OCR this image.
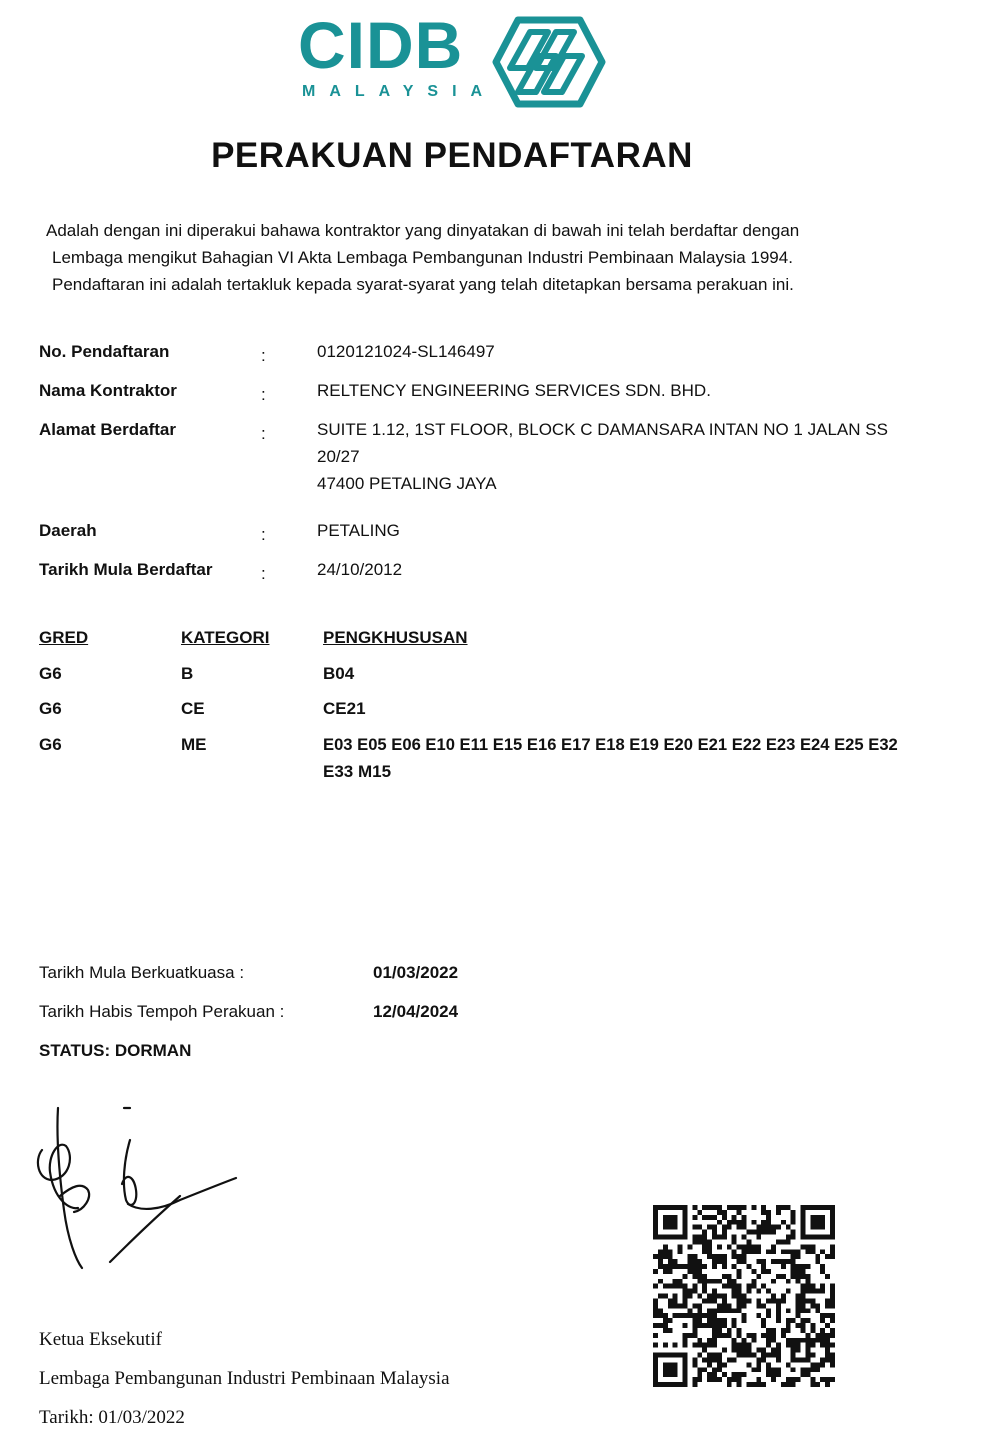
CIDB
MALAYSIA
PERAKUAN PENDAFTARAN
Adalah dengan ini diperakui bahawa kontraktor yang dinyatakan di bawah ini telah berdaftar dengan
Lembaga mengikut Bahagian VI Akta Lembaga Pembangunan Industri Pembinaan Malaysia 1994.
Pendaftaran ini adalah tertakluk kepada syarat-syarat yang telah ditetapkan bersama perakuan ini.
No. Pendaftaran	:	0120121024-SL146497
Nama Kontraktor	:	RELTENCY ENGINEERING SERVICES SDN. BHD.
Alamat Berdaftar	:	SUITE 1.12, 1ST FLOOR, BLOCK C DAMANSARA INTAN NO 1 JALAN SS
20/27
47400 PETALING JAYA
Daerah	:	PETALING
Tarikh Mula Berdaftar	:	24/10/2012
GRED	KATEGORI	PENGKHUSUSAN
G6	B	B04
G6	CE	CE21
G6	ME	E03 E05 E06 E10 E11 E15 E16 E17 E18 E19 E20 E21 E22 E23 E24 E25 E32
E33 M15
Tarikh Mula Berkuatkuasa :	01/03/2022
Tarikh Habis Tempoh Perakuan :	12/04/2024
STATUS: DORMAN
Ketua Eksekutif
Lembaga Pembangunan Industri Pembinaan Malaysia
Tarikh: 01/03/2022
